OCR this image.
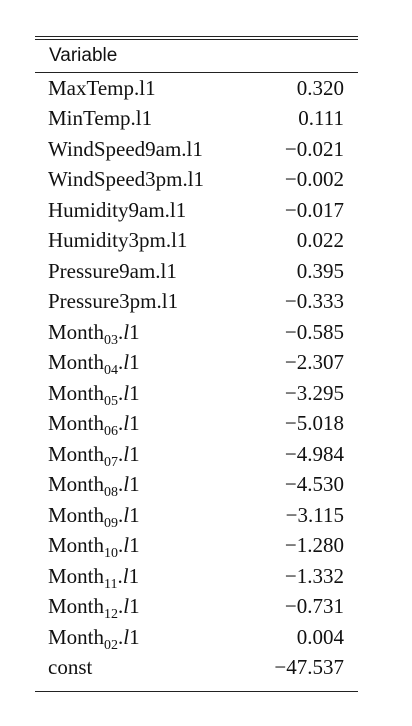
Variable
MaxTemp.l1	0.320
MinTemp.l1	0.111
WindSpeed9am.l1	−0.021
WindSpeed3pm.l1	−0.002
Humidity9am.l1	−0.017
Humidity3pm.l1	0.022
Pressure9am.l1	0.395
Pressure3pm.l1	−0.333
Month$_{03}$.l1	−0.585
Month$_{04}$.l1	−2.307
Month$_{05}$.l1	−3.295
Month$_{06}$.l1	−5.018
Month$_{07}$.l1	−4.984
Month$_{08}$.l1	−4.530
Month$_{09}$.l1	−3.115
Month$_{10}$.l1	−1.280
Month$_{11}$.l1	−1.332
Month$_{12}$.l1	−0.731
Month$_{02}$.l1	0.004
const	−47.537
